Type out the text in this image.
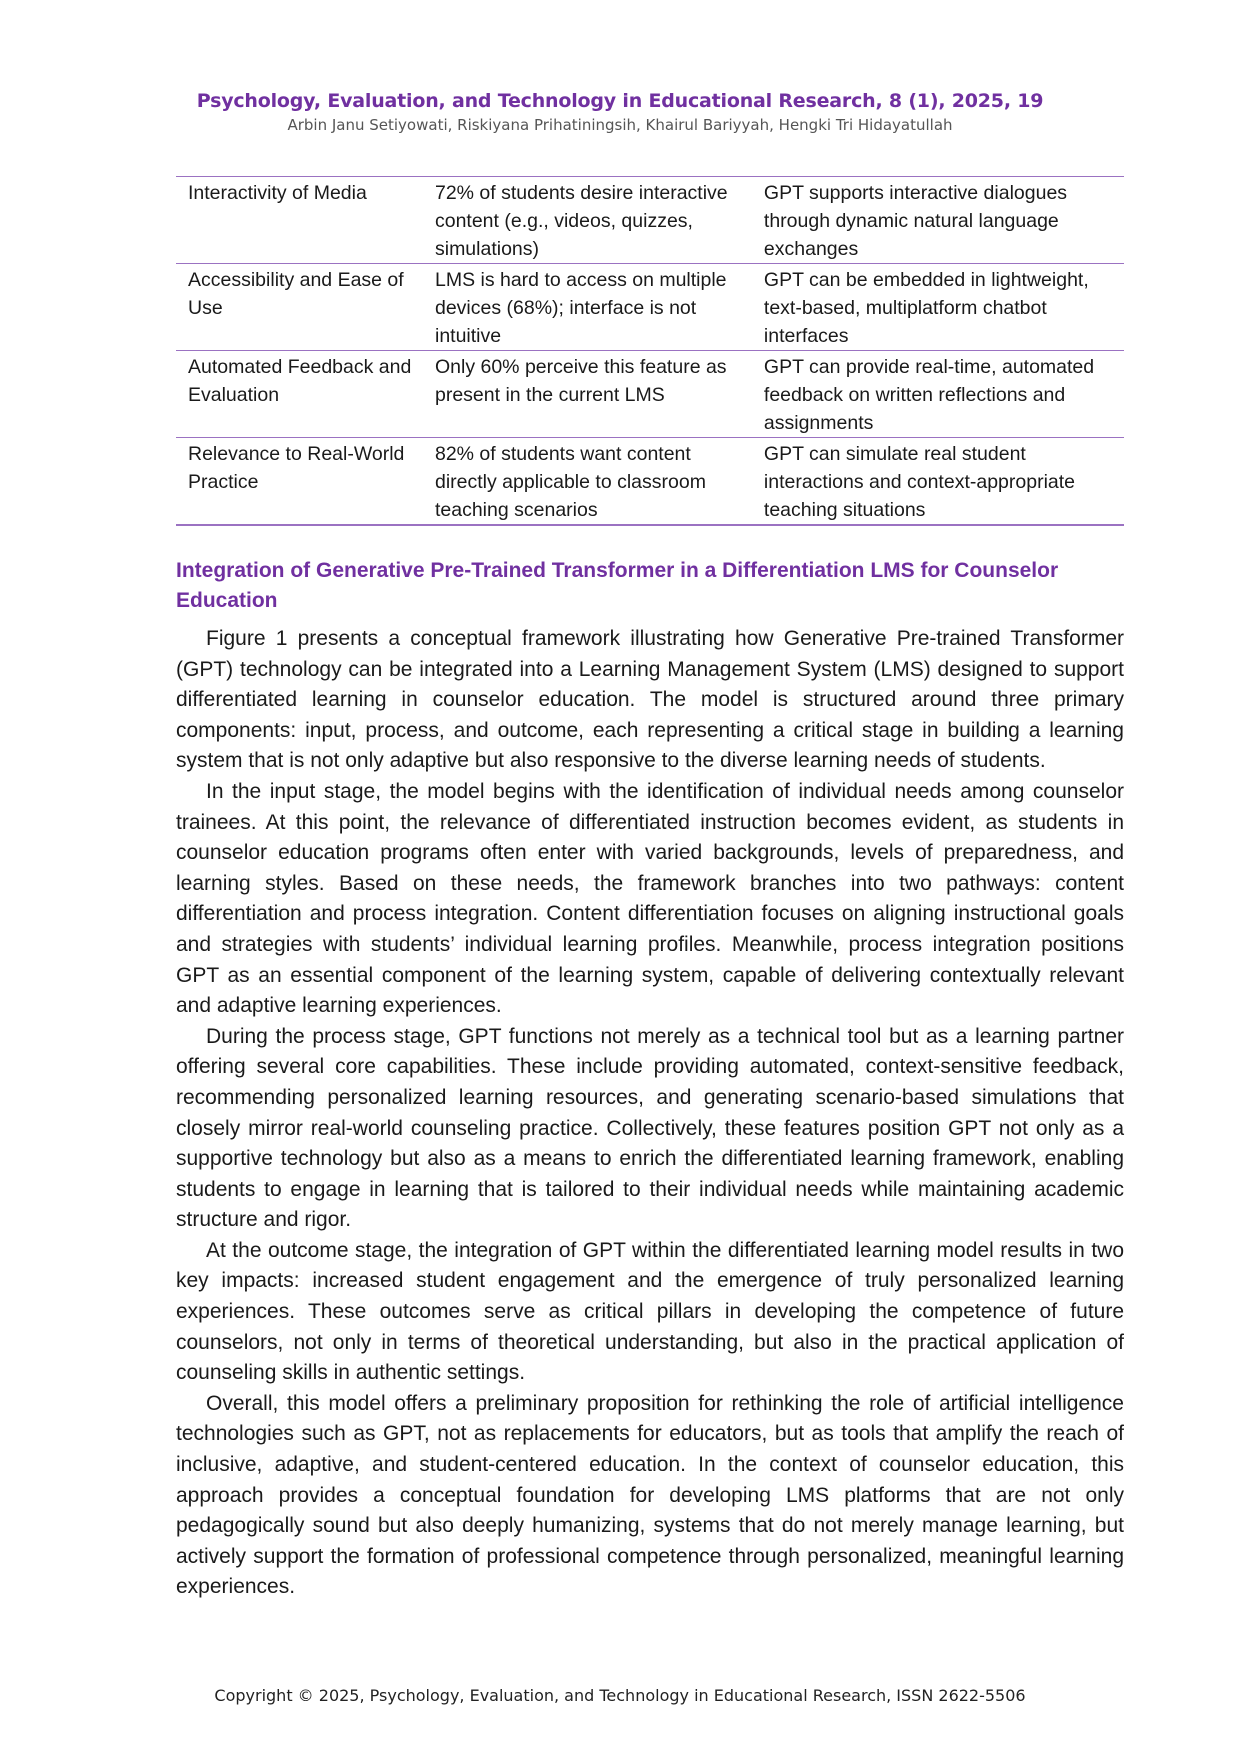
Psychology, Evaluation, and Technology in Educational Research, 8 (1), 2025, 19
Arbin Janu Setiyowati, Riskiyana Prihatiningsih, Khairul Bariyyah, Hengki Tri Hidayatullah
Interactivity of Media	72% of students desire interactive content (e.g., videos, quizzes, simulations)	GPT supports interactive dialogues through dynamic natural language exchanges
Accessibility and Ease of Use	LMS is hard to access on multiple devices (68%); interface is not intuitive	GPT can be embedded in lightweight, text-based, multiplatform chatbot interfaces
Automated Feedback and Evaluation	Only 60% perceive this feature as present in the current LMS	GPT can provide real-time, automated feedback on written reflections and assignments
Relevance to Real-World Practice	82% of students want content directly applicable to classroom teaching scenarios	GPT can simulate real student interactions and context-appropriate teaching situations
Integration of Generative Pre-Trained Transformer in a Differentiation LMS for Counselor Education

Figure 1 presents a conceptual framework illustrating how Generative Pre-trained Transformer (GPT) technology can be integrated into a Learning Management System (LMS) designed to support differentiated learning in counselor education. The model is structured around three primary components: input, process, and outcome, each representing a critical stage in building a learning system that is not only adaptive but also responsive to the diverse learning needs of students.

In the input stage, the model begins with the identification of individual needs among counselor trainees. At this point, the relevance of differentiated instruction becomes evident, as students in counselor education programs often enter with varied backgrounds, levels of preparedness, and learning styles. Based on these needs, the framework branches into two pathways: content differentiation and process integration. Content differentiation focuses on aligning instructional goals and strategies with students’ individual learning profiles. Meanwhile, process integration positions GPT as an essential component of the learning system, capable of delivering contextually relevant and adaptive learning experiences.

During the process stage, GPT functions not merely as a technical tool but as a learning partner offering several core capabilities. These include providing automated, context-sensitive feedback, recommending personalized learning resources, and generating scenario-based simulations that closely mirror real-world counseling practice. Collectively, these features position GPT not only as a supportive technology but also as a means to enrich the differentiated learning framework, enabling students to engage in learning that is tailored to their individual needs while maintaining academic structure and rigor.

At the outcome stage, the integration of GPT within the differentiated learning model results in two key impacts: increased student engagement and the emergence of truly personalized learning experiences. These outcomes serve as critical pillars in developing the competence of future counselors, not only in terms of theoretical understanding, but also in the practical application of counseling skills in authentic settings.

Overall, this model offers a preliminary proposition for rethinking the role of artificial intelligence technologies such as GPT, not as replacements for educators, but as tools that amplify the reach of inclusive, adaptive, and student-centered education. In the context of counselor education, this approach provides a conceptual foundation for developing LMS platforms that are not only pedagogically sound but also deeply humanizing, systems that do not merely manage learning, but actively support the formation of professional competence through personalized, meaningful learning experiences.

Copyright © 2025, Psychology, Evaluation, and Technology in Educational Research, ISSN 2622-5506
